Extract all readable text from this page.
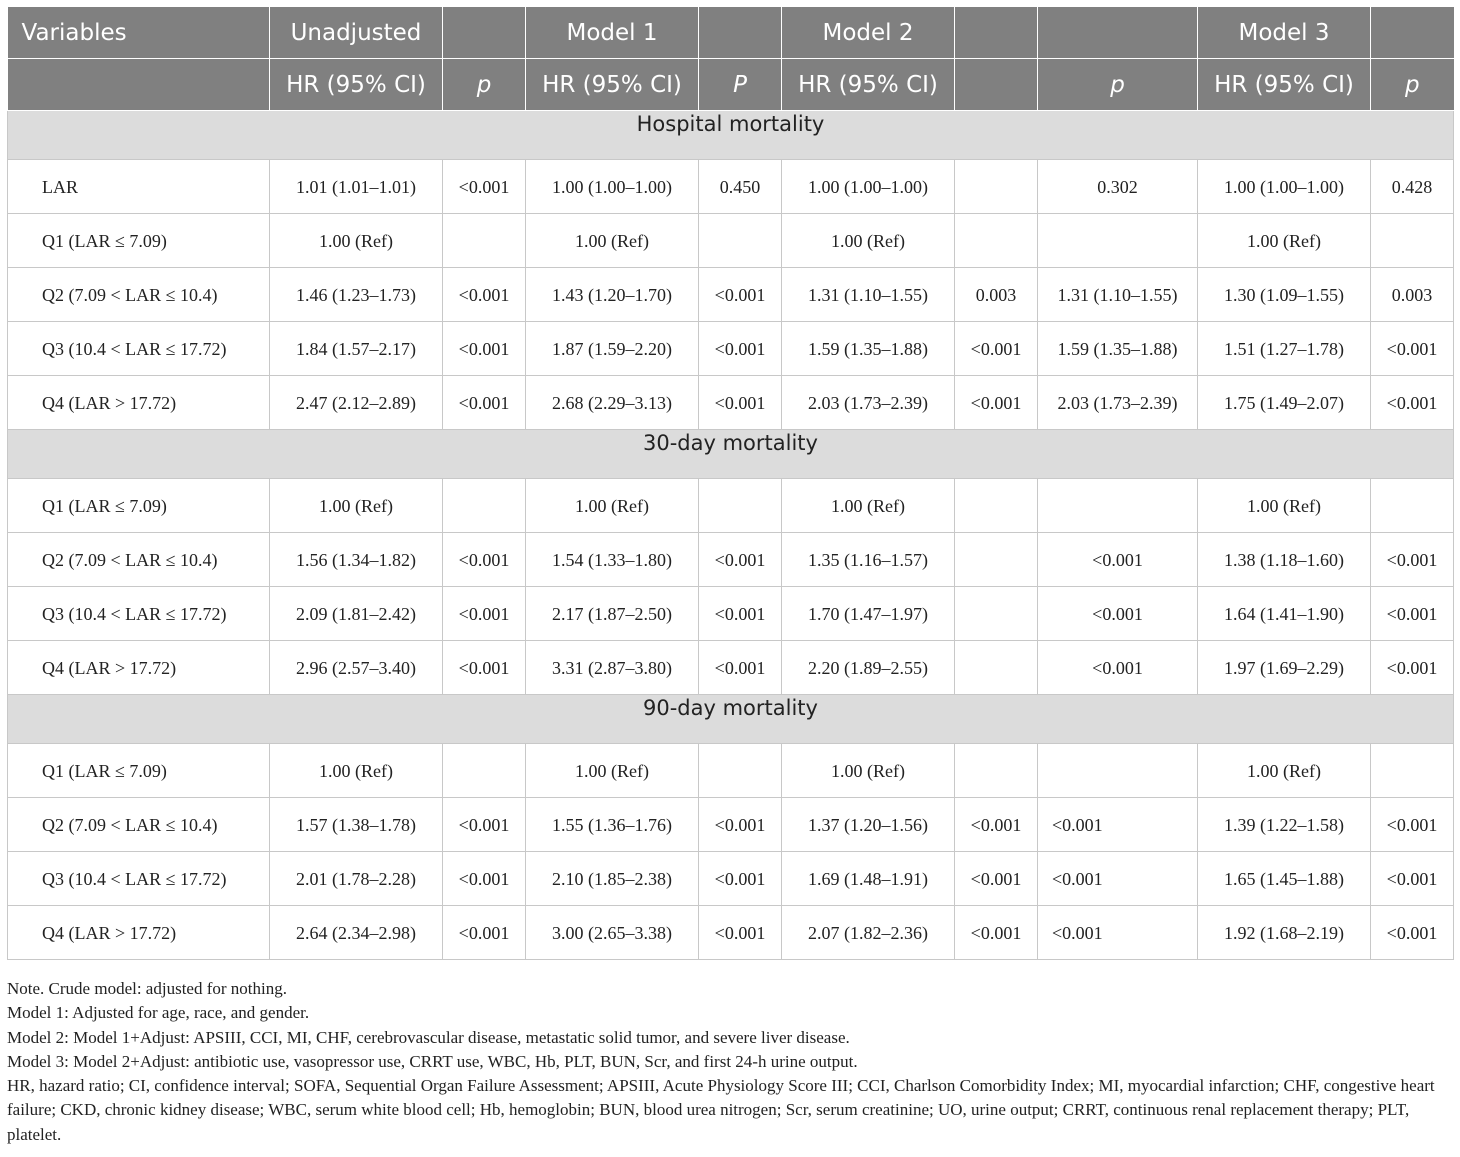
Variables	Unadjusted		Model 1		Model 2			Model 3	
	HR (95% CI)	p	HR (95% CI)	P	HR (95% CI)		p	HR (95% CI)	p
Hospital mortality									
LAR	1.01 (1.01–1.01)	<0.001	1.00 (1.00–1.00)	0.450	1.00 (1.00–1.00)		0.302	1.00 (1.00–1.00)	0.428
Q1 (LAR ≤ 7.09)	1.00 (Ref)		1.00 (Ref)		1.00 (Ref)			1.00 (Ref)	
Q2 (7.09 < LAR ≤ 10.4)	1.46 (1.23–1.73)	<0.001	1.43 (1.20–1.70)	<0.001	1.31 (1.10–1.55)	0.003	1.31 (1.10–1.55)	1.30 (1.09–1.55)	0.003
Q3 (10.4 < LAR ≤ 17.72)	1.84 (1.57–2.17)	<0.001	1.87 (1.59–2.20)	<0.001	1.59 (1.35–1.88)	<0.001	1.59 (1.35–1.88)	1.51 (1.27–1.78)	<0.001
Q4 (LAR > 17.72)	2.47 (2.12–2.89)	<0.001	2.68 (2.29–3.13)	<0.001	2.03 (1.73–2.39)	<0.001	2.03 (1.73–2.39)	1.75 (1.49–2.07)	<0.001
30-day mortality									
Q1 (LAR ≤ 7.09)	1.00 (Ref)		1.00 (Ref)		1.00 (Ref)			1.00 (Ref)	
Q2 (7.09 < LAR ≤ 10.4)	1.56 (1.34–1.82)	<0.001	1.54 (1.33–1.80)	<0.001	1.35 (1.16–1.57)		<0.001	1.38 (1.18–1.60)	<0.001
Q3 (10.4 < LAR ≤ 17.72)	2.09 (1.81–2.42)	<0.001	2.17 (1.87–2.50)	<0.001	1.70 (1.47–1.97)		<0.001	1.64 (1.41–1.90)	<0.001
Q4 (LAR > 17.72)	2.96 (2.57–3.40)	<0.001	3.31 (2.87–3.80)	<0.001	2.20 (1.89–2.55)		<0.001	1.97 (1.69–2.29)	<0.001
90-day mortality									
Q1 (LAR ≤ 7.09)	1.00 (Ref)		1.00 (Ref)		1.00 (Ref)			1.00 (Ref)	
Q2 (7.09 < LAR ≤ 10.4)	1.57 (1.38–1.78)	<0.001	1.55 (1.36–1.76)	<0.001	1.37 (1.20–1.56)	<0.001	<0.001	1.39 (1.22–1.58)	<0.001
Q3 (10.4 < LAR ≤ 17.72)	2.01 (1.78–2.28)	<0.001	2.10 (1.85–2.38)	<0.001	1.69 (1.48–1.91)	<0.001	<0.001	1.65 (1.45–1.88)	<0.001
Q4 (LAR > 17.72)	2.64 (2.34–2.98)	<0.001	3.00 (2.65–3.38)	<0.001	2.07 (1.82–2.36)	<0.001	<0.001	1.92 (1.68–2.19)	<0.001

Note. Crude model: adjusted for nothing.

Model 1: Adjusted for age, race, and gender.

Model 2: Model 1+Adjust: APSIII, CCI, MI, CHF, cerebrovascular disease, metastatic solid tumor, and severe liver disease.

Model 3: Model 2+Adjust: antibiotic use, vasopressor use, CRRT use, WBC, Hb, PLT, BUN, Scr, and first 24-h urine output.

HR, hazard ratio; CI, confidence interval; SOFA, Sequential Organ Failure Assessment; APSIII, Acute Physiology Score III; CCI, Charlson Comorbidity Index; MI, myocardial infarction; CHF, congestive heart failure; CKD, chronic kidney disease; WBC, serum white blood cell; Hb, hemoglobin; BUN, blood urea nitrogen; Scr, serum creatinine; UO, urine output; CRRT, continuous renal replacement therapy; PLT, platelet.
